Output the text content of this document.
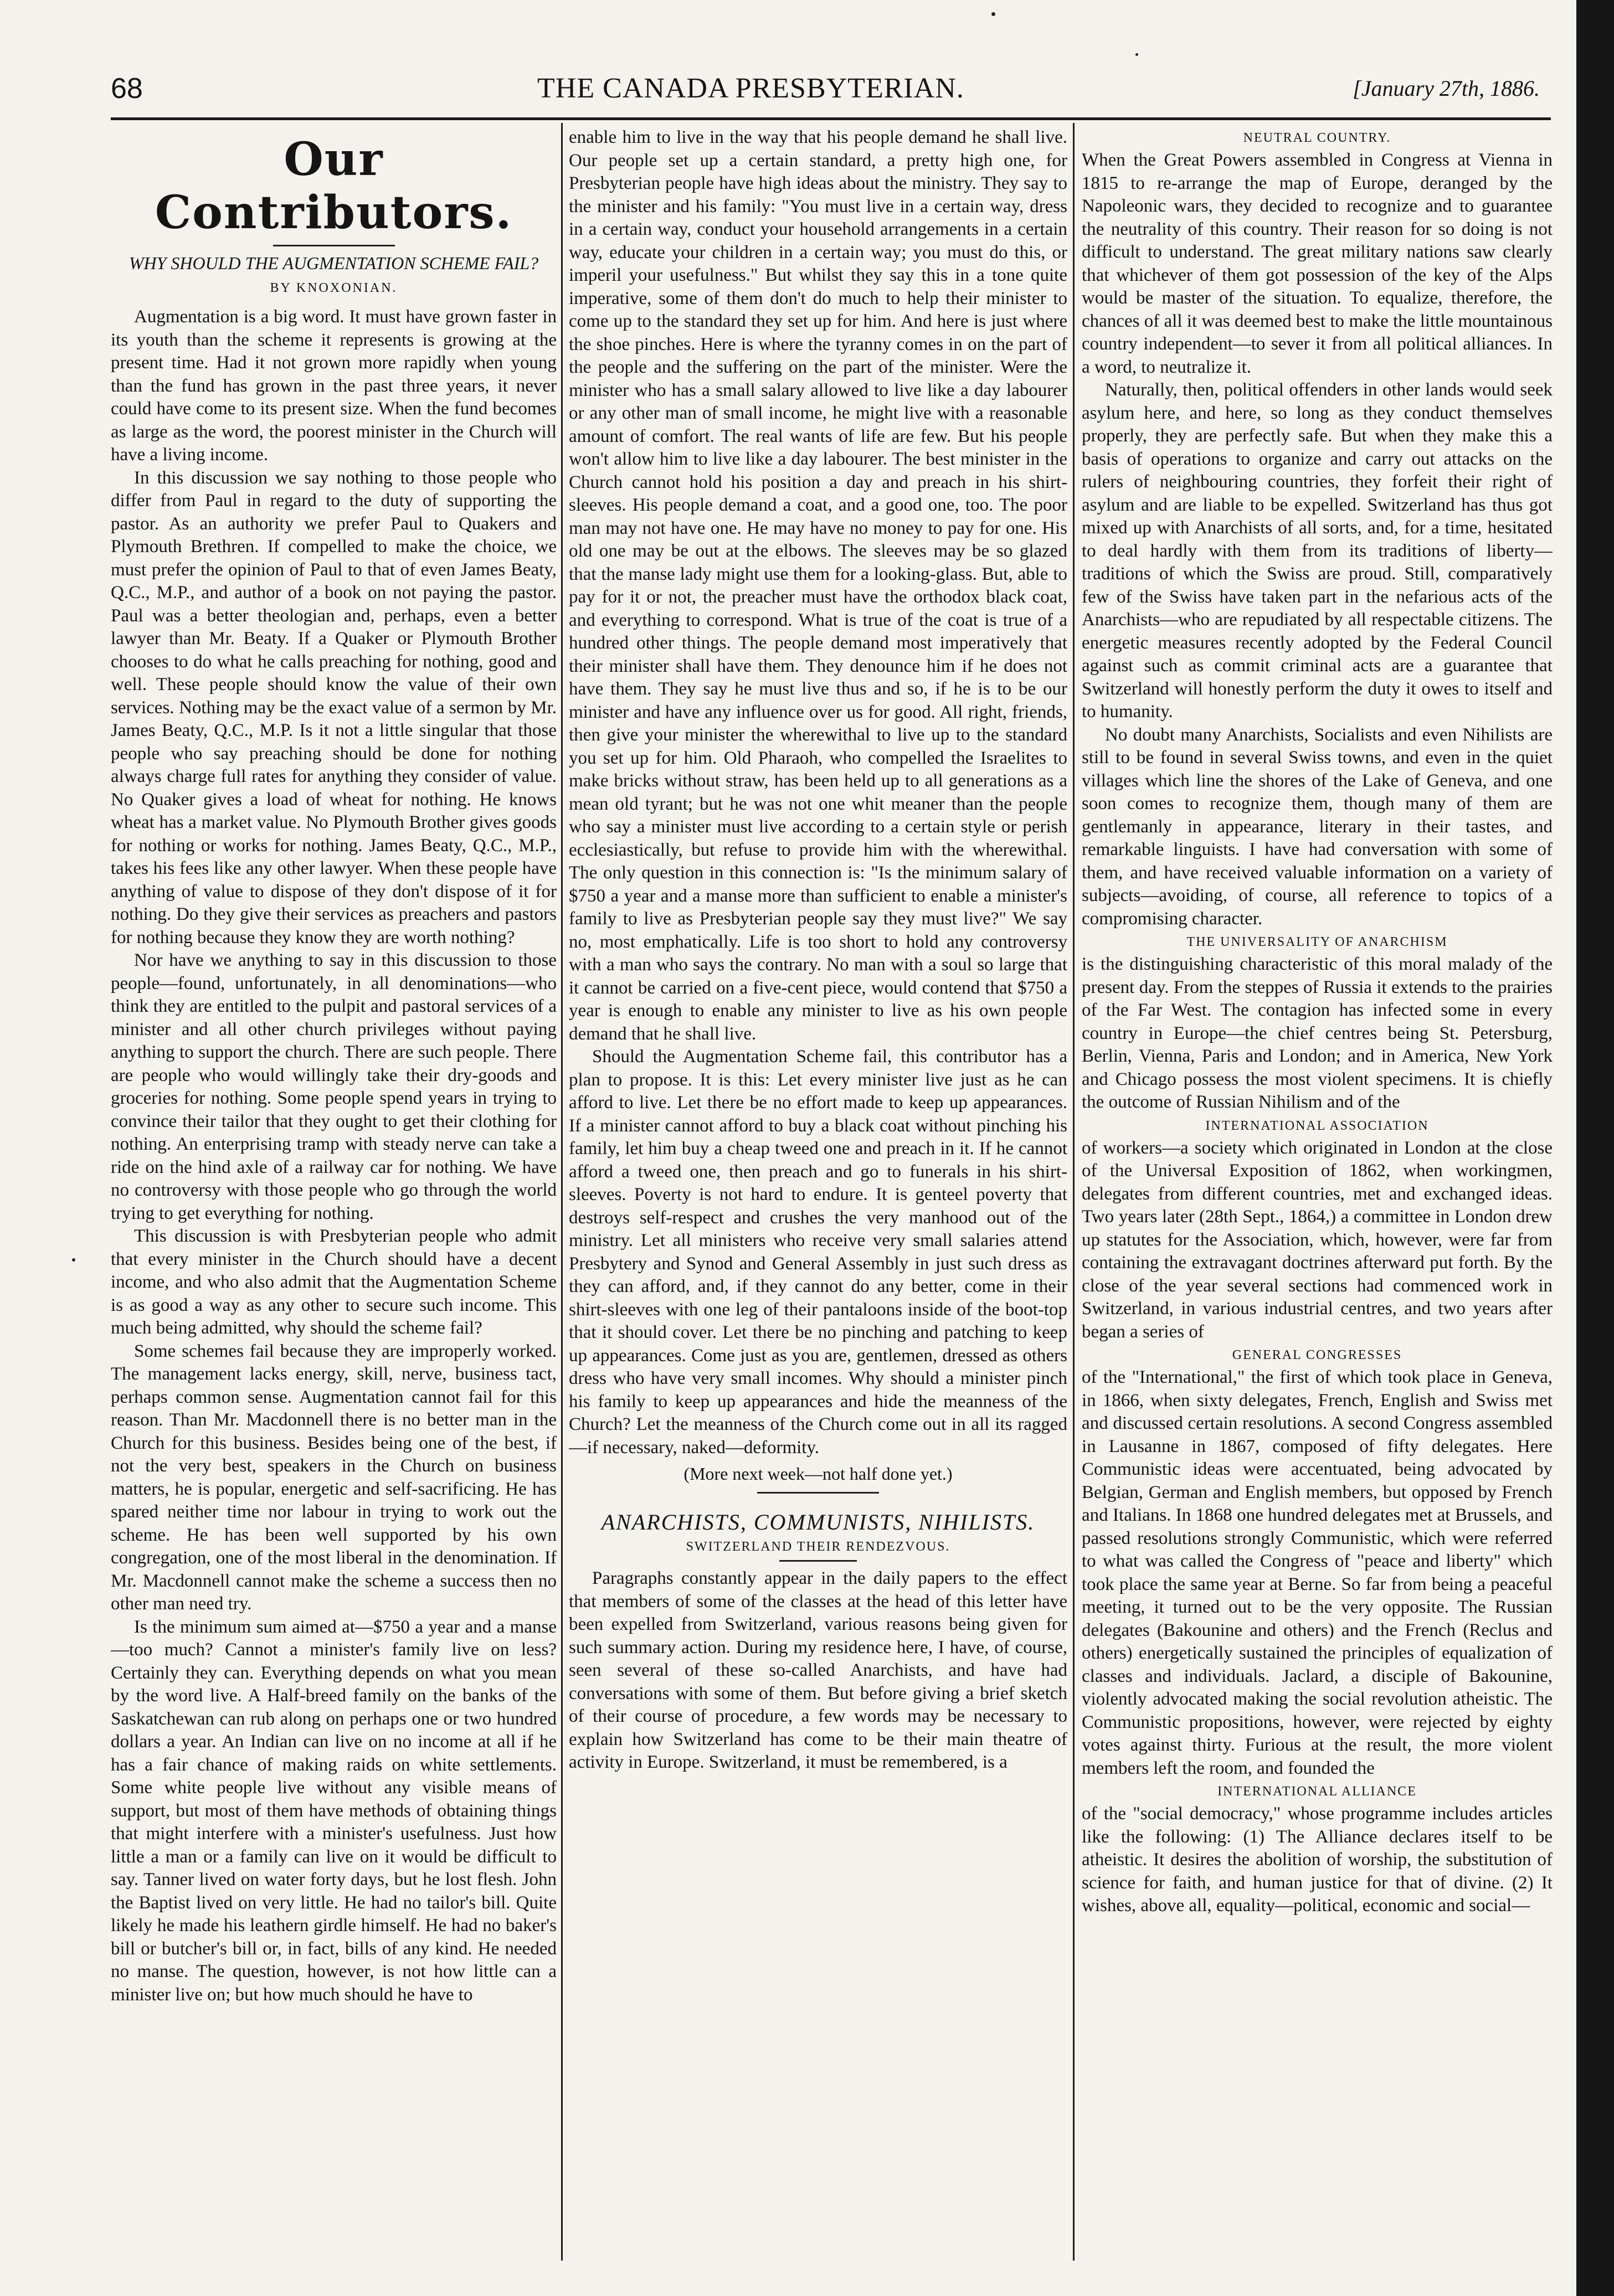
68	THE CANADA PRESBYTERIAN.	[January 27th, 1886.
Our Contributors.
WHY SHOULD THE AUGMENTATION SCHEME FAIL?
BY KNOXONIAN.

Augmentation is a big word. It must have grown faster in its youth than the scheme it represents is growing at the present time. Had it not grown more rapidly when young than the fund has grown in the past three years, it never could have come to its present size. When the fund becomes as large as the word, the poorest minister in the Church will have a living income.

In this discussion we say nothing to those people who differ from Paul in regard to the duty of supporting the pastor. As an authority we prefer Paul to Quakers and Plymouth Brethren. If compelled to make the choice, we must prefer the opinion of Paul to that of even James Beaty, Q.C., M.P., and author of a book on not paying the pastor. Paul was a better theologian and, perhaps, even a better lawyer than Mr. Beaty. If a Quaker or Plymouth Brother chooses to do what he calls preaching for nothing, good and well. These people should know the value of their own services. Nothing may be the exact value of a sermon by Mr. James Beaty, Q.C., M.P. Is it not a little singular that those people who say preaching should be done for nothing always charge full rates for anything they consider of value. No Quaker gives a load of wheat for nothing. He knows wheat has a market value. No Plymouth Brother gives goods for nothing or works for nothing. James Beaty, Q.C., M.P., takes his fees like any other lawyer. When these people have anything of value to dispose of they don't dispose of it for nothing. Do they give their services as preachers and pastors for nothing because they know they are worth nothing?

Nor have we anything to say in this discussion to those people—found, unfortunately, in all denominations—who think they are entitled to the pulpit and pastoral services of a minister and all other church privileges without paying anything to support the church. There are such people. There are people who would willingly take their dry-goods and groceries for nothing. Some people spend years in trying to convince their tailor that they ought to get their clothing for nothing. An enterprising tramp with steady nerve can take a ride on the hind axle of a railway car for nothing. We have no controversy with those people who go through the world trying to get everything for nothing.

This discussion is with Presbyterian people who admit that every minister in the Church should have a decent income, and who also admit that the Augmentation Scheme is as good a way as any other to secure such income. This much being admitted, why should the scheme fail?

Some schemes fail because they are improperly worked. The management lacks energy, skill, nerve, business tact, perhaps common sense. Augmentation cannot fail for this reason. Than Mr. Macdonnell there is no better man in the Church for this business. Besides being one of the best, if not the very best, speakers in the Church on business matters, he is popular, energetic and self-sacrificing. He has spared neither time nor labour in trying to work out the scheme. He has been well supported by his own congregation, one of the most liberal in the denomination. If Mr. Macdonnell cannot make the scheme a success then no other man need try.

Is the minimum sum aimed at—$750 a year and a manse—too much? Cannot a minister's family live on less? Certainly they can. Everything depends on what you mean by the word live. A Half-breed family on the banks of the Saskatchewan can rub along on perhaps one or two hundred dollars a year. An Indian can live on no income at all if he has a fair chance of making raids on white settlements. Some white people live without any visible means of support, but most of them have methods of obtaining things that might interfere with a minister's usefulness. Just how little a man or a family can live on it would be difficult to say. Tanner lived on water forty days, but he lost flesh. John the Baptist lived on very little. He had no tailor's bill. Quite likely he made his leathern girdle himself. He had no baker's bill or butcher's bill or, in fact, bills of any kind. He needed no manse. The question, however, is not how little can a minister live on; but how much should he have to

enable him to live in the way that his people demand he shall live. Our people set up a certain standard, a pretty high one, for Presbyterian people have high ideas about the ministry. They say to the minister and his family: "You must live in a certain way, dress in a certain way, conduct your household arrangements in a certain way, educate your children in a certain way; you must do this, or imperil your usefulness." But whilst they say this in a tone quite imperative, some of them don't do much to help their minister to come up to the standard they set up for him. And here is just where the shoe pinches. Here is where the tyranny comes in on the part of the people and the suffering on the part of the minister. Were the minister who has a small salary allowed to live like a day labourer or any other man of small income, he might live with a reasonable amount of comfort. The real wants of life are few. But his people won't allow him to live like a day labourer. The best minister in the Church cannot hold his position a day and preach in his shirt-sleeves. His people demand a coat, and a good one, too. The poor man may not have one. He may have no money to pay for one. His old one may be out at the elbows. The sleeves may be so glazed that the manse lady might use them for a looking-glass. But, able to pay for it or not, the preacher must have the orthodox black coat, and everything to correspond. What is true of the coat is true of a hundred other things. The people demand most imperatively that their minister shall have them. They denounce him if he does not have them. They say he must live thus and so, if he is to be our minister and have any influence over us for good. All right, friends, then give your minister the wherewithal to live up to the standard you set up for him. Old Pharaoh, who compelled the Israelites to make bricks without straw, has been held up to all generations as a mean old tyrant; but he was not one whit meaner than the people who say a minister must live according to a certain style or perish ecclesiastically, but refuse to provide him with the wherewithal. The only question in this connection is: "Is the minimum salary of $750 a year and a manse more than sufficient to enable a minister's family to live as Presbyterian people say they must live?" We say no, most emphatically. Life is too short to hold any controversy with a man who says the contrary. No man with a soul so large that it cannot be carried on a five-cent piece, would contend that $750 a year is enough to enable any minister to live as his own people demand that he shall live.

Should the Augmentation Scheme fail, this contributor has a plan to propose. It is this: Let every minister live just as he can afford to live. Let there be no effort made to keep up appearances. If a minister cannot afford to buy a black coat without pinching his family, let him buy a cheap tweed one and preach in it. If he cannot afford a tweed one, then preach and go to funerals in his shirt-sleeves. Poverty is not hard to endure. It is genteel poverty that destroys self-respect and crushes the very manhood out of the ministry. Let all ministers who receive very small salaries attend Presbytery and Synod and General Assembly in just such dress as they can afford, and, if they cannot do any better, come in their shirt-sleeves with one leg of their pantaloons inside of the boot-top that it should cover. Let there be no pinching and patching to keep up appearances. Come just as you are, gentlemen, dressed as others dress who have very small incomes. Why should a minister pinch his family to keep up appearances and hide the meanness of the Church? Let the meanness of the Church come out in all its ragged—if necessary, naked—deformity.

(More next week—not half done yet.)
ANARCHISTS, COMMUNISTS, NIHILISTS.
SWITZERLAND THEIR RENDEZVOUS.

Paragraphs constantly appear in the daily papers to the effect that members of some of the classes at the head of this letter have been expelled from Switzerland, various reasons being given for such summary action. During my residence here, I have, of course, seen several of these so-called Anarchists, and have had conversations with some of them. But before giving a brief sketch of their course of procedure, a few words may be necessary to explain how Switzerland has come to be their main theatre of activity in Europe. Switzerland, it must be remembered, is a

NEUTRAL COUNTRY.

When the Great Powers assembled in Congress at Vienna in 1815 to re-arrange the map of Europe, deranged by the Napoleonic wars, they decided to recognize and to guarantee the neutrality of this country. Their reason for so doing is not difficult to understand. The great military nations saw clearly that whichever of them got possession of the key of the Alps would be master of the situation. To equalize, therefore, the chances of all it was deemed best to make the little mountainous country independent—to sever it from all political alliances. In a word, to neutralize it.

Naturally, then, political offenders in other lands would seek asylum here, and here, so long as they conduct themselves properly, they are perfectly safe. But when they make this a basis of operations to organize and carry out attacks on the rulers of neighbouring countries, they forfeit their right of asylum and are liable to be expelled. Switzerland has thus got mixed up with Anarchists of all sorts, and, for a time, hesitated to deal hardly with them from its traditions of liberty—traditions of which the Swiss are proud. Still, comparatively few of the Swiss have taken part in the nefarious acts of the Anarchists—who are repudiated by all respectable citizens. The energetic measures recently adopted by the Federal Council against such as commit criminal acts are a guarantee that Switzerland will honestly perform the duty it owes to itself and to humanity.

No doubt many Anarchists, Socialists and even Nihilists are still to be found in several Swiss towns, and even in the quiet villages which line the shores of the Lake of Geneva, and one soon comes to recognize them, though many of them are gentlemanly in appearance, literary in their tastes, and remarkable linguists. I have had conversation with some of them, and have received valuable information on a variety of subjects—avoiding, of course, all reference to topics of a compromising character.

THE UNIVERSALITY OF ANARCHISM

is the distinguishing characteristic of this moral malady of the present day. From the steppes of Russia it extends to the prairies of the Far West. The contagion has infected some in every country in Europe—the chief centres being St. Petersburg, Berlin, Vienna, Paris and London; and in America, New York and Chicago possess the most violent specimens. It is chiefly the outcome of Russian Nihilism and of the

INTERNATIONAL ASSOCIATION

of workers—a society which originated in London at the close of the Universal Exposition of 1862, when workingmen, delegates from different countries, met and exchanged ideas. Two years later (28th Sept., 1864,) a committee in London drew up statutes for the Association, which, however, were far from containing the extravagant doctrines afterward put forth. By the close of the year several sections had commenced work in Switzerland, in various industrial centres, and two years after began a series of

GENERAL CONGRESSES

of the "International," the first of which took place in Geneva, in 1866, when sixty delegates, French, English and Swiss met and discussed certain resolutions. A second Congress assembled in Lausanne in 1867, composed of fifty delegates. Here Communistic ideas were accentuated, being advocated by Belgian, German and English members, but opposed by French and Italians. In 1868 one hundred delegates met at Brussels, and passed resolutions strongly Communistic, which were referred to what was called the Congress of "peace and liberty" which took place the same year at Berne. So far from being a peaceful meeting, it turned out to be the very opposite. The Russian delegates (Bakounine and others) and the French (Reclus and others) energetically sustained the principles of equalization of classes and individuals. Jaclard, a disciple of Bakounine, violently advocated making the social revolution atheistic. The Communistic propositions, however, were rejected by eighty votes against thirty. Furious at the result, the more violent members left the room, and founded the

INTERNATIONAL ALLIANCE

of the "social democracy," whose programme includes articles like the following: (1) The Alliance declares itself to be atheistic. It desires the abolition of worship, the substitution of science for faith, and human justice for that of divine. (2) It wishes, above all, equality—political, economic and social—
